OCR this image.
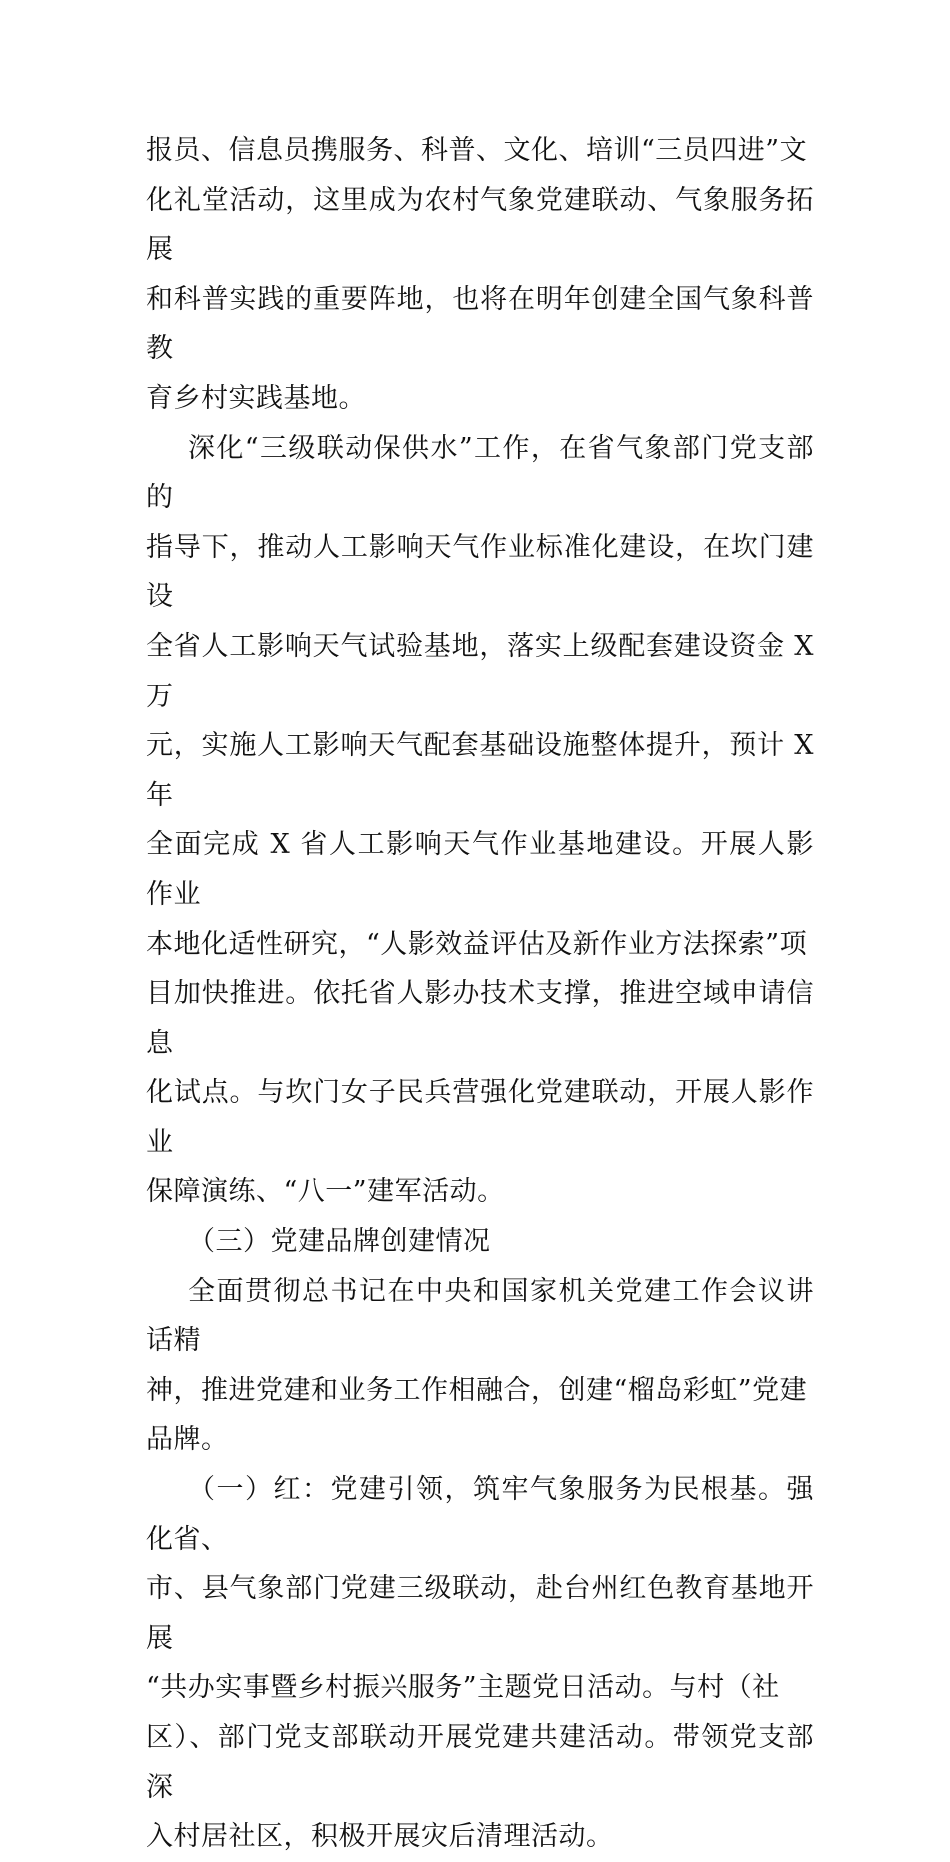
报员、信息员携服务、科普、文化、培训“三员四进”文
化礼堂活动，这里成为农村气象党建联动、气象服务拓展
和科普实践的重要阵地，也将在明年创建全国气象科普教
育乡村实践基地。

深化“三级联动保供水”工作，在省气象部门党支部的
指导下，推动人工影响天气作业标准化建设，在坎门建设
全省人工影响天气试验基地，落实上级配套建设资金 X 万
元，实施人工影响天气配套基础设施整体提升，预计 X 年
全面完成 X 省人工影响天气作业基地建设。开展人影作业
本地化适性研究，“人影效益评估及新作业方法探索”项
目加快推进。依托省人影办技术支撑，推进空域申请信息
化试点。与坎门女子民兵营强化党建联动，开展人影作业
保障演练、“八一”建军活动。

（三）党建品牌创建情况

全面贯彻总书记在中央和国家机关党建工作会议讲话精
神，推进党建和业务工作相融合，创建“榴岛彩虹”党建
品牌。

（一）红：党建引领，筑牢气象服务为民根基。强化省、
市、县气象部门党建三级联动，赴台州红色教育基地开展
“共办实事暨乡村振兴服务”主题党日活动。与村（社
区）、部门党支部联动开展党建共建活动。带领党支部深
入村居社区，积极开展灾后清理活动。
